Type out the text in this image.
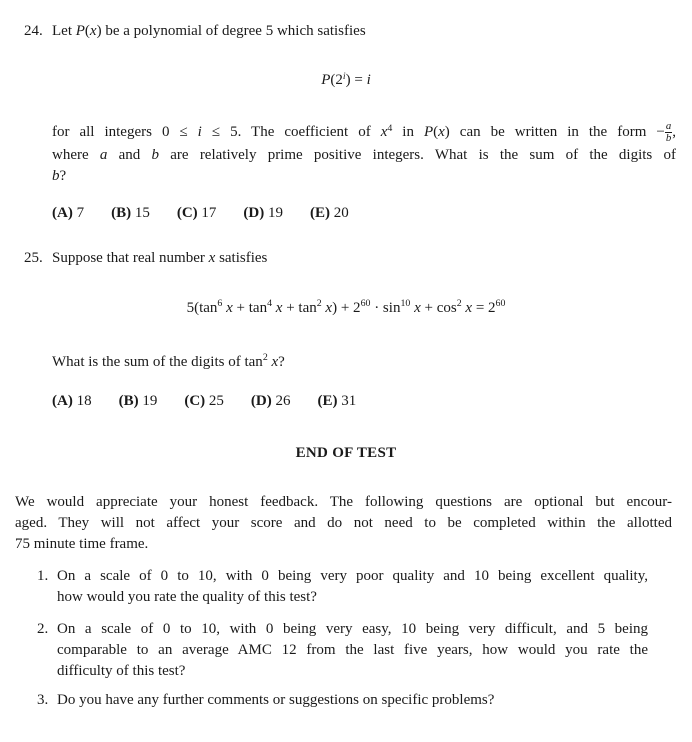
24. Let P(x) be a polynomial of degree 5 which satisfies
$P(2^i) = i$
for all integers 0 ≤ i ≤ 5. The coefficient of $x^4$ in P(x) can be written in the form − $\frac{a}{b}$ ,
where a and b are relatively prime positive integers. What is the sum of the digits of
b?
(A) 7 (B) 15 (C) 17 (D) 19 (E) 20
25. Suppose that real number x satisfies
$5(\tan^6$ $x + \tan^4 x + \tan^2 x) + 2^{60} \cdot \sin^{10} x + \cos^2 x = 2^{60}$
What is the sum of the digits of $\tan^2 x$?
(A) 18 (B) 19 (C) 25 (D) 26 (E) 31
END OF TEST
We would appreciate your honest feedback. The following questions are optional but encour-
aged. They will not affect your score and do not need to be completed within the allotted
75 minute time frame.
1. On a scale of 0 to 10, with 0 being very poor quality and 10 being excellent quality,
how would you rate the quality of this test?
2. On a scale of 0 to 10, with 0 being very easy, 10 being very difficult, and 5 being
comparable to an average AMC 12 from the last five years, how would you rate the
difficulty of this test?
3. Do you have any further comments or suggestions on specific problems?
